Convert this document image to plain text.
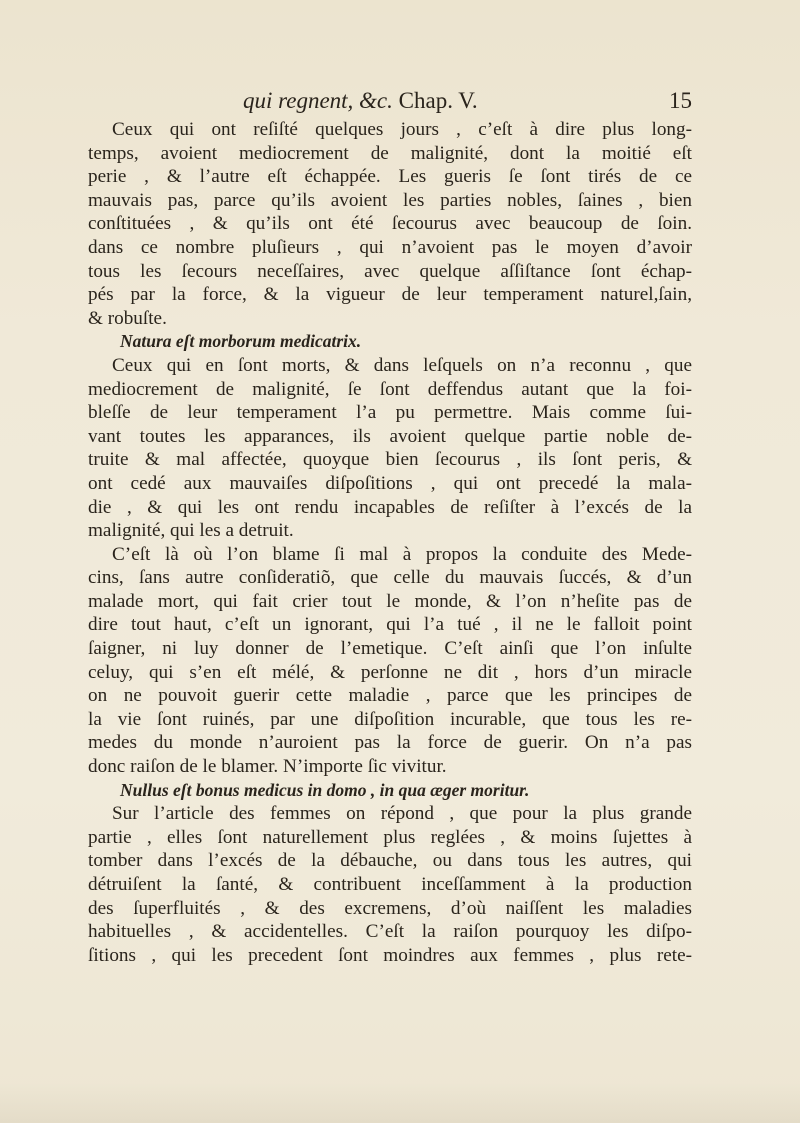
qui regnent, &c. Chap. V.	15
Ceux qui ont reſiſté quelques jours , c’eſt à dire plus long-
temps, avoient mediocrement de malignité, dont la moitié eſt
perie , & l’autre eſt échappée. Les gueris ſe ſont tirés de ce
mauvais pas, parce qu’ils avoient les parties nobles, ſaines , bien
conſtituées , & qu’ils ont été ſecourus avec beaucoup de ſoin.
dans ce nombre pluſieurs , qui n’avoient pas le moyen d’avoir
tous les ſecours neceſſaires, avec quelque aſſiſtance ſont échap-
pés par la force, & la vigueur de leur temperament naturel,ſain,
& robuſte.
Natura eſt morborum medicatrix.
Ceux qui en ſont morts, & dans leſquels on n’a reconnu , que
mediocrement de malignité, ſe ſont deffendus autant que la foi-
bleſſe de leur temperament l’a pu permettre. Mais comme ſui-
vant toutes les apparances, ils avoient quelque partie noble de-
truite & mal affectée, quoyque bien ſecourus , ils ſont peris, &
ont cedé aux mauvaiſes diſpoſitions , qui ont precedé la mala-
die , & qui les ont rendu incapables de reſiſter à l’excés de la
malignité, qui les a detruit.
C’eſt là où l’on blame ſi mal à propos la conduite des Mede-
cins, ſans autre conſideratiõ, que celle du mauvais ſuccés, & d’un
malade mort, qui fait crier tout le monde, & l’on n’heſite pas de
dire tout haut, c’eſt un ignorant, qui l’a tué , il ne le falloit point
ſaigner, ni luy donner de l’emetique. C’eſt ainſi que l’on inſulte
celuy, qui s’en eſt mélé, & perſonne ne dit , hors d’un miracle
on ne pouvoit guerir cette maladie , parce que les principes de
la vie ſont ruinés, par une diſpoſition incurable, que tous les re-
medes du monde n’auroient pas la force de guerir. On n’a pas
donc raiſon de le blamer. N’importe ſic vivitur.
Nullus eſt bonus medicus in domo , in qua æger moritur.
Sur l’article des femmes on répond , que pour la plus grande
partie , elles ſont naturellement plus reglées , & moins ſujettes à
tomber dans l’excés de la débauche, ou dans tous les autres, qui
détruiſent la ſanté, & contribuent inceſſamment à la production
des ſuperfluités , & des excremens, d’où naiſſent les maladies
habituelles , & accidentelles. C’eſt la raiſon pourquoy les diſpo-
ſitions , qui les precedent ſont moindres aux femmes , plus rete-
